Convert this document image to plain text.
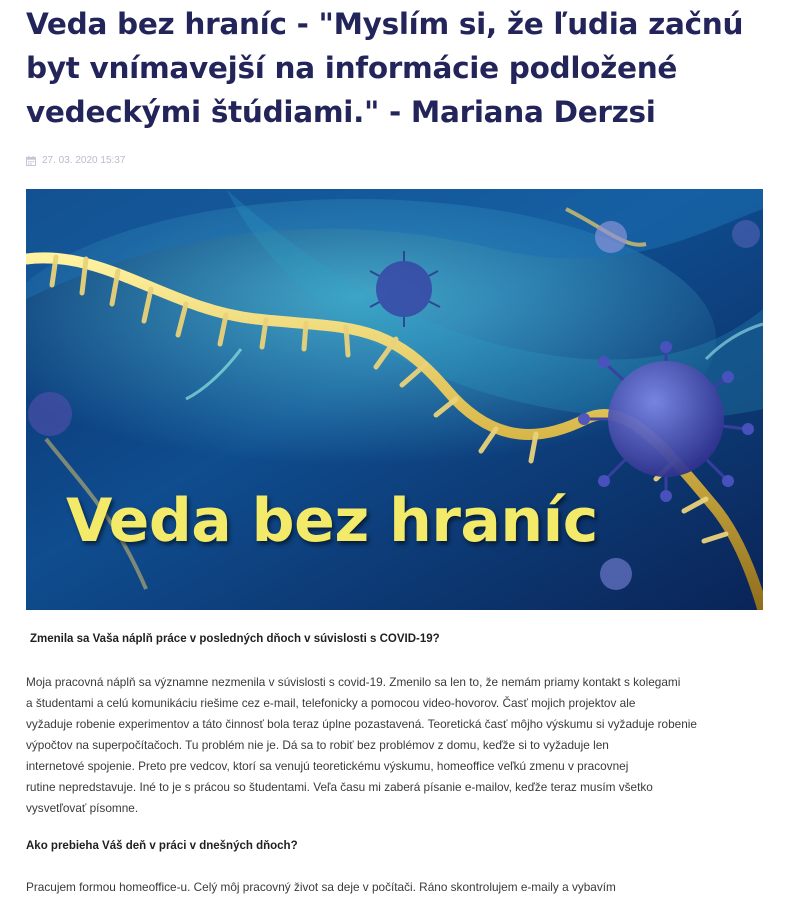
Veda bez hraníc - "Myslím si, že ľudia začnú byt vnímavejší na informácie podložené vedeckými štúdiami." - Mariana Derzsi
27. 03. 2020 15:37

Veda bez hraníc

Zmenila sa Vaša náplň práce v posledných dňoch v súvislosti s COVID-19?

Moja pracovná náplň sa významne nezmenila v súvislosti s covid-19. Zmenilo sa len to, že nemám priamy kontakt s kolegami
a študentami a celú komunikáciu riešime cez e-mail, telefonicky a pomocou video-hovorov. Časť mojich projektov ale
vyžaduje robenie experimentov a táto činnosť bola teraz úplne pozastavená. Teoretická časť môjho výskumu si vyžaduje robenie
výpočtov na superpočítačoch. Tu problém nie je. Dá sa to robiť bez problémov z domu, keďže si to vyžaduje len
internetové spojenie. Preto pre vedcov, ktorí sa venujú teoretickému výskumu, homeoffice veľkú zmenu v pracovnej
rutine nepredstavuje. Iné to je s prácou so študentami. Veľa času mi zaberá písanie e-mailov, keďže teraz musím všetko
vysvetľovať písomne.

Ako prebieha Váš deň v práci v dnešných dňoch?

Pracujem formou homeoffice-u. Celý môj pracovný život sa deje v počítači. Ráno skontrolujem e-maily a vybavím
